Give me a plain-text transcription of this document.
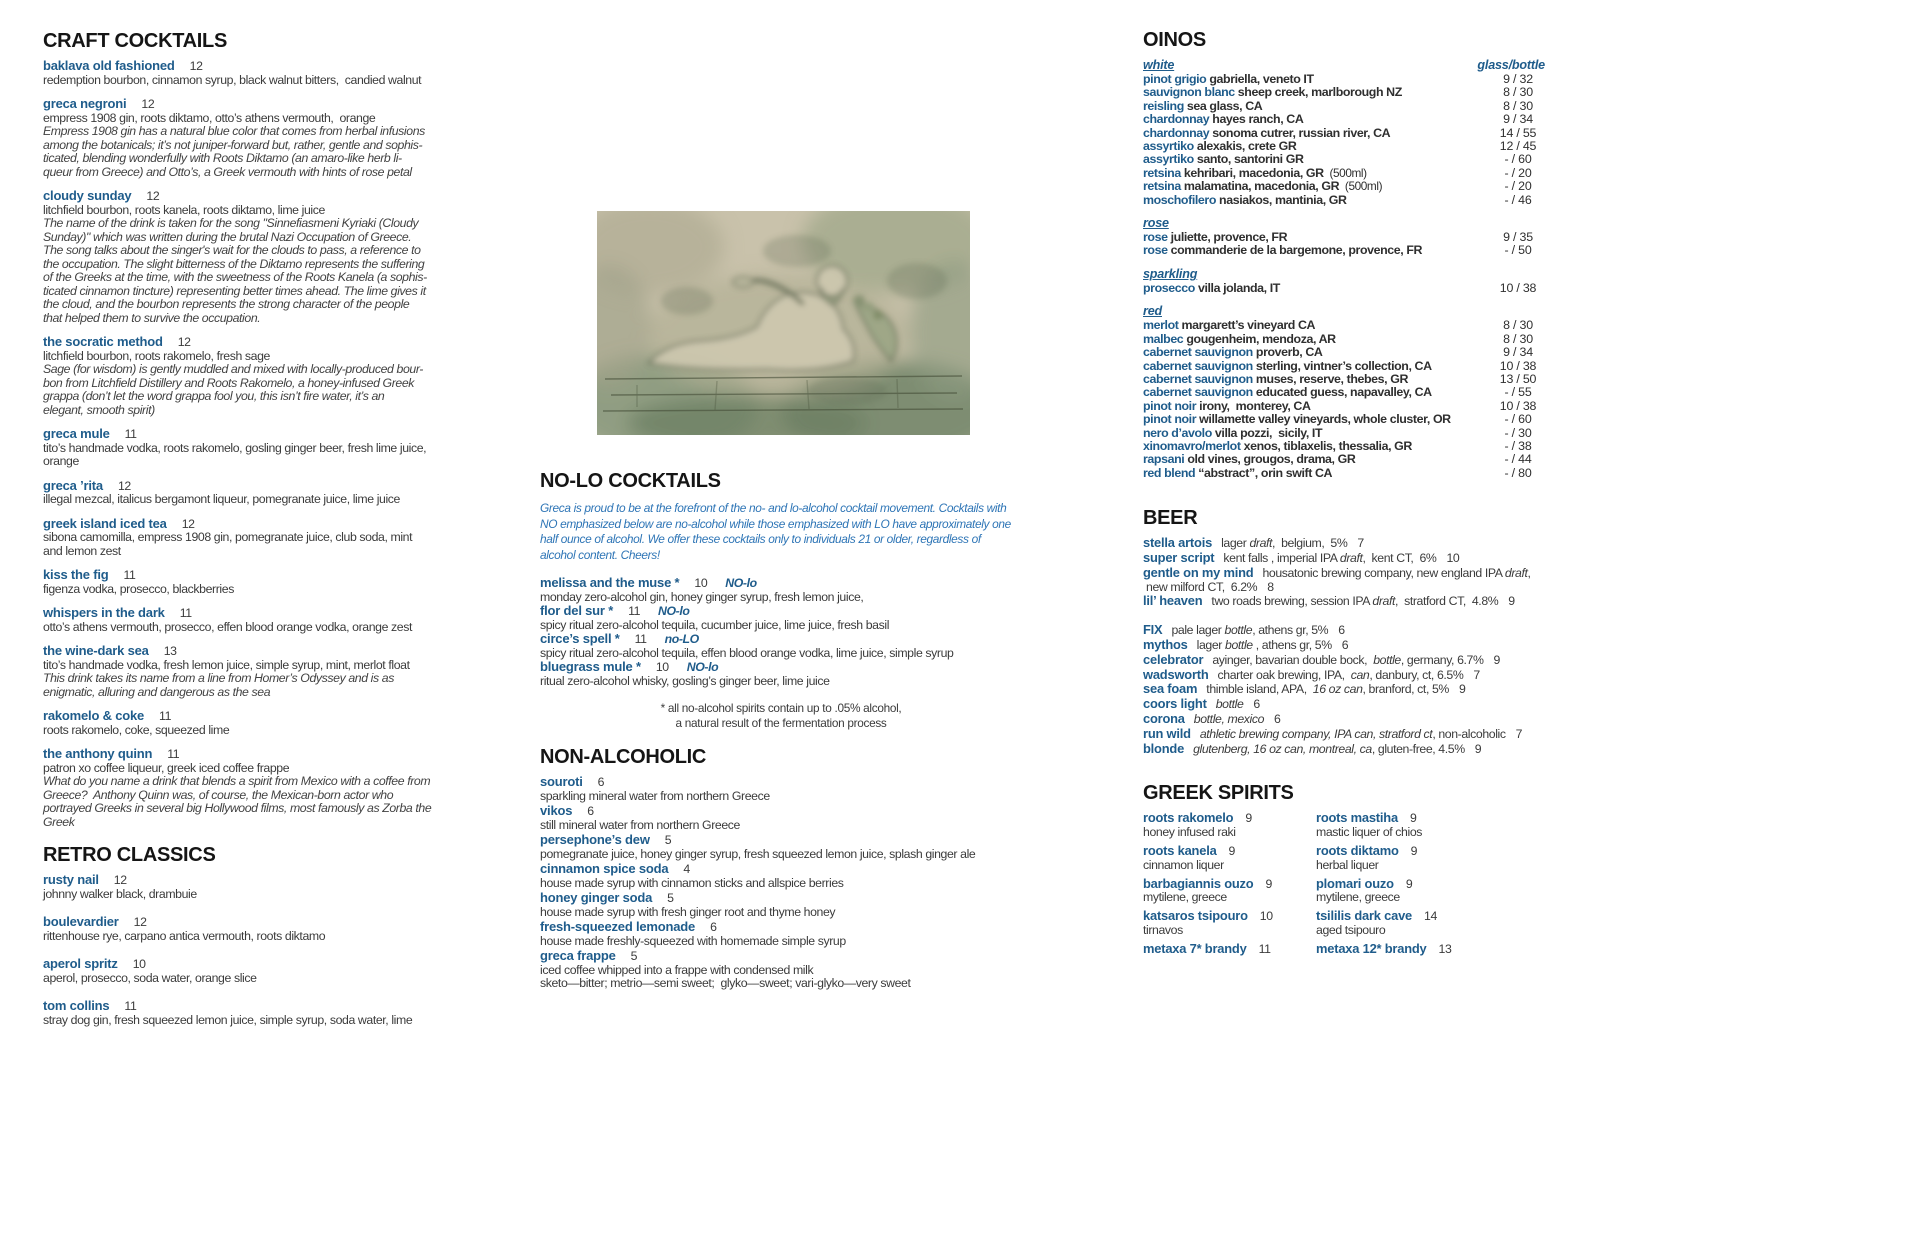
CRAFT COCKTAILS
baklava old fashioned 12
redemption bourbon, cinnamon syrup, black walnut bitters,  candied walnut
greca negroni 12
empress 1908 gin, roots diktamo, otto’s athens vermouth,  orange
Empress 1908 gin has a natural blue color that comes from herbal infusions
among the botanicals; it’s not juniper-forward but, rather, gentle and sophis-
ticated, blending wonderfully with Roots Diktamo (an amaro-like herb li-
queur from Greece) and Otto’s, a Greek vermouth with hints of rose petal
cloudy sunday 12
litchfield bourbon, roots kanela, roots diktamo, lime juice
The name of the drink is taken for the song "Sinnefiasmeni Kyriaki (Cloudy
Sunday)" which was written during the brutal Nazi Occupation of Greece.
The song talks about the singer's wait for the clouds to pass, a reference to
the occupation. The slight bitterness of the Diktamo represents the suffering
of the Greeks at the time, with the sweetness of the Roots Kanela (a sophis-
ticated cinnamon tincture) representing better times ahead. The lime gives it
the cloud, and the bourbon represents the strong character of the people
that helped them to survive the occupation.
the socratic method 12
litchfield bourbon, roots rakomelo, fresh sage
Sage (for wisdom) is gently muddled and mixed with locally-produced bour-
bon from Litchfield Distillery and Roots Rakomelo, a honey-infused Greek
grappa (don’t let the word grappa fool you, this isn’t fire water, it’s an
elegant, smooth spirit)
greca mule 11
tito’s handmade vodka, roots rakomelo, gosling ginger beer, fresh lime juice,
orange
greca ’rita 12
illegal mezcal, italicus bergamont liqueur, pomegranate juice, lime juice
greek island iced tea 12
sibona camomilla, empress 1908 gin, pomegranate juice, club soda, mint
and lemon zest
kiss the fig 11
figenza vodka, prosecco, blackberries
whispers in the dark 11
otto’s athens vermouth, prosecco, effen blood orange vodka, orange zest
the wine-dark sea 13
tito’s handmade vodka, fresh lemon juice, simple syrup, mint, merlot float
This drink takes its name from a line from Homer’s Odyssey and is as
enigmatic, alluring and dangerous as the sea
rakomelo & coke 11
roots rakomelo, coke, squeezed lime
the anthony quinn 11
patron xo coffee liqueur, greek iced coffee frappe
What do you name a drink that blends a spirit from Mexico with a coffee from
Greece?  Anthony Quinn was, of course, the Mexican-born actor who
portrayed Greeks in several big Hollywood films, most famously as Zorba the
Greek
RETRO CLASSICS
rusty nail 12
johnny walker black, drambuie
boulevardier 12
rittenhouse rye, carpano antica vermouth, roots diktamo
aperol spritz 10
aperol, prosecco, soda water, orange slice
tom collins 11
stray dog gin, fresh squeezed lemon juice, simple syrup, soda water, lime
NO-LO COCKTAILS
Greca is proud to be at the forefront of the no- and lo-alcohol cocktail movement. Cocktails with
NO emphasized below are no-alcohol while those emphasized with LO have approximately one
half ounce of alcohol. We offer these cocktails only to individuals 21 or older, regardless of
alcohol content. Cheers!
melissa and the muse * 10 NO-lo
monday zero-alcohol gin, honey ginger syrup, fresh lemon juice,
flor del sur * 11 NO-lo
spicy ritual zero-alcohol tequila, cucumber juice, lime juice, fresh basil
circe’s spell * 11 no-LO
spicy ritual zero-alcohol tequila, effen blood orange vodka, lime juice, simple syrup
bluegrass mule * 10 NO-lo
ritual zero-alcohol whisky, gosling’s ginger beer, lime juice
* all no-alcohol spirits contain up to .05% alcohol,
a natural result of the fermentation process
NON-ALCOHOLIC
souroti 6
sparkling mineral water from northern Greece
vikos 6
still mineral water from northern Greece
persephone’s dew 5
pomegranate juice, honey ginger syrup, fresh squeezed lemon juice, splash ginger ale
cinnamon spice soda 4
house made syrup with cinnamon sticks and allspice berries
honey ginger soda 5
house made syrup with fresh ginger root and thyme honey
fresh-squeezed lemonade 6
house made freshly-squeezed with homemade simple syrup
greca frappe 5
iced coffee whipped into a frappe with condensed milk
sketo—bitter; metrio—semi sweet;  glyko—sweet; vari-glyko—very sweet
OINOS
white	glass/bottle
pinot grigio gabriella, veneto IT	9 / 32
sauvignon blanc sheep creek, marlborough NZ	8 / 30
reisling sea glass, CA	8 / 30
chardonnay hayes ranch, CA	9 / 34
chardonnay sonoma cutrer, russian river, CA	14 / 55
assyrtiko alexakis, crete GR	12 / 45
assyrtiko santo, santorini GR	- / 60
retsina kehribari, macedonia, GR  (500ml)	- / 20
retsina malamatina, macedonia, GR  (500ml)	- / 20
moschofilero nasiakos, mantinia, GR	- / 46
rose
rose juliette, provence, FR	9 / 35
rose commanderie de la bargemone, provence, FR	- / 50
sparkling
prosecco villa jolanda, IT	10 / 38
red
merlot margarett’s vineyard CA	8 / 30
malbec gougenheim, mendoza, AR	8 / 30
cabernet sauvignon proverb, CA	9 / 34
cabernet sauvignon sterling, vintner’s collection, CA	10 / 38
cabernet sauvignon muses, reserve, thebes, GR	13 / 50
cabernet sauvignon educated guess, napavalley, CA	- / 55
pinot noir irony,  monterey, CA	10 / 38
pinot noir willamette valley vineyards, whole cluster, OR	- / 60
nero d’avolo villa pozzi,  sicily, IT	- / 30
xinomavro/merlot xenos, tiblaxelis, thessalia, GR	- / 38
rapsani old vines, grougos, drama, GR	- / 44
red blend “abstract”, orin swift CA	- / 80
BEER
stella artois lager draft,  belgium,  5% 7
super script kent falls , imperial IPA draft,  kent CT,  6% 10
gentle on my mind housatonic brewing company, new england IPA draft,
new milford CT,  6.2% 8
lil’ heaven two roads brewing, session IPA draft,  stratford CT,  4.8% 9
FIX pale lager bottle, athens gr, 5% 6
mythos lager bottle , athens gr, 5% 6
celebrator ayinger, bavarian double bock,  bottle, germany, 6.7% 9
wadsworth charter oak brewing, IPA,  can, danbury, ct, 6.5% 7
sea foam thimble island, APA,  16 oz can, branford, ct, 5% 9
coors light bottle 6
corona bottle, mexico 6
run wild athletic brewing company, IPA can, stratford ct, non-alcoholic 7
blonde glutenberg, 16 oz can, montreal, ca, gluten-free, 4.5% 9
GREEK SPIRITS
roots rakomelo 9
honey infused raki
roots kanela 9
cinnamon liquer
barbagiannis ouzo 9
mytilene, greece
katsaros tsipouro 10
tirnavos
metaxa 7* brandy 11
roots mastiha 9
mastic liquer of chios
roots diktamo 9
herbal liquer
plomari ouzo 9
mytilene, greece
tsililis dark cave 14
aged tsipouro
metaxa 12* brandy 13
